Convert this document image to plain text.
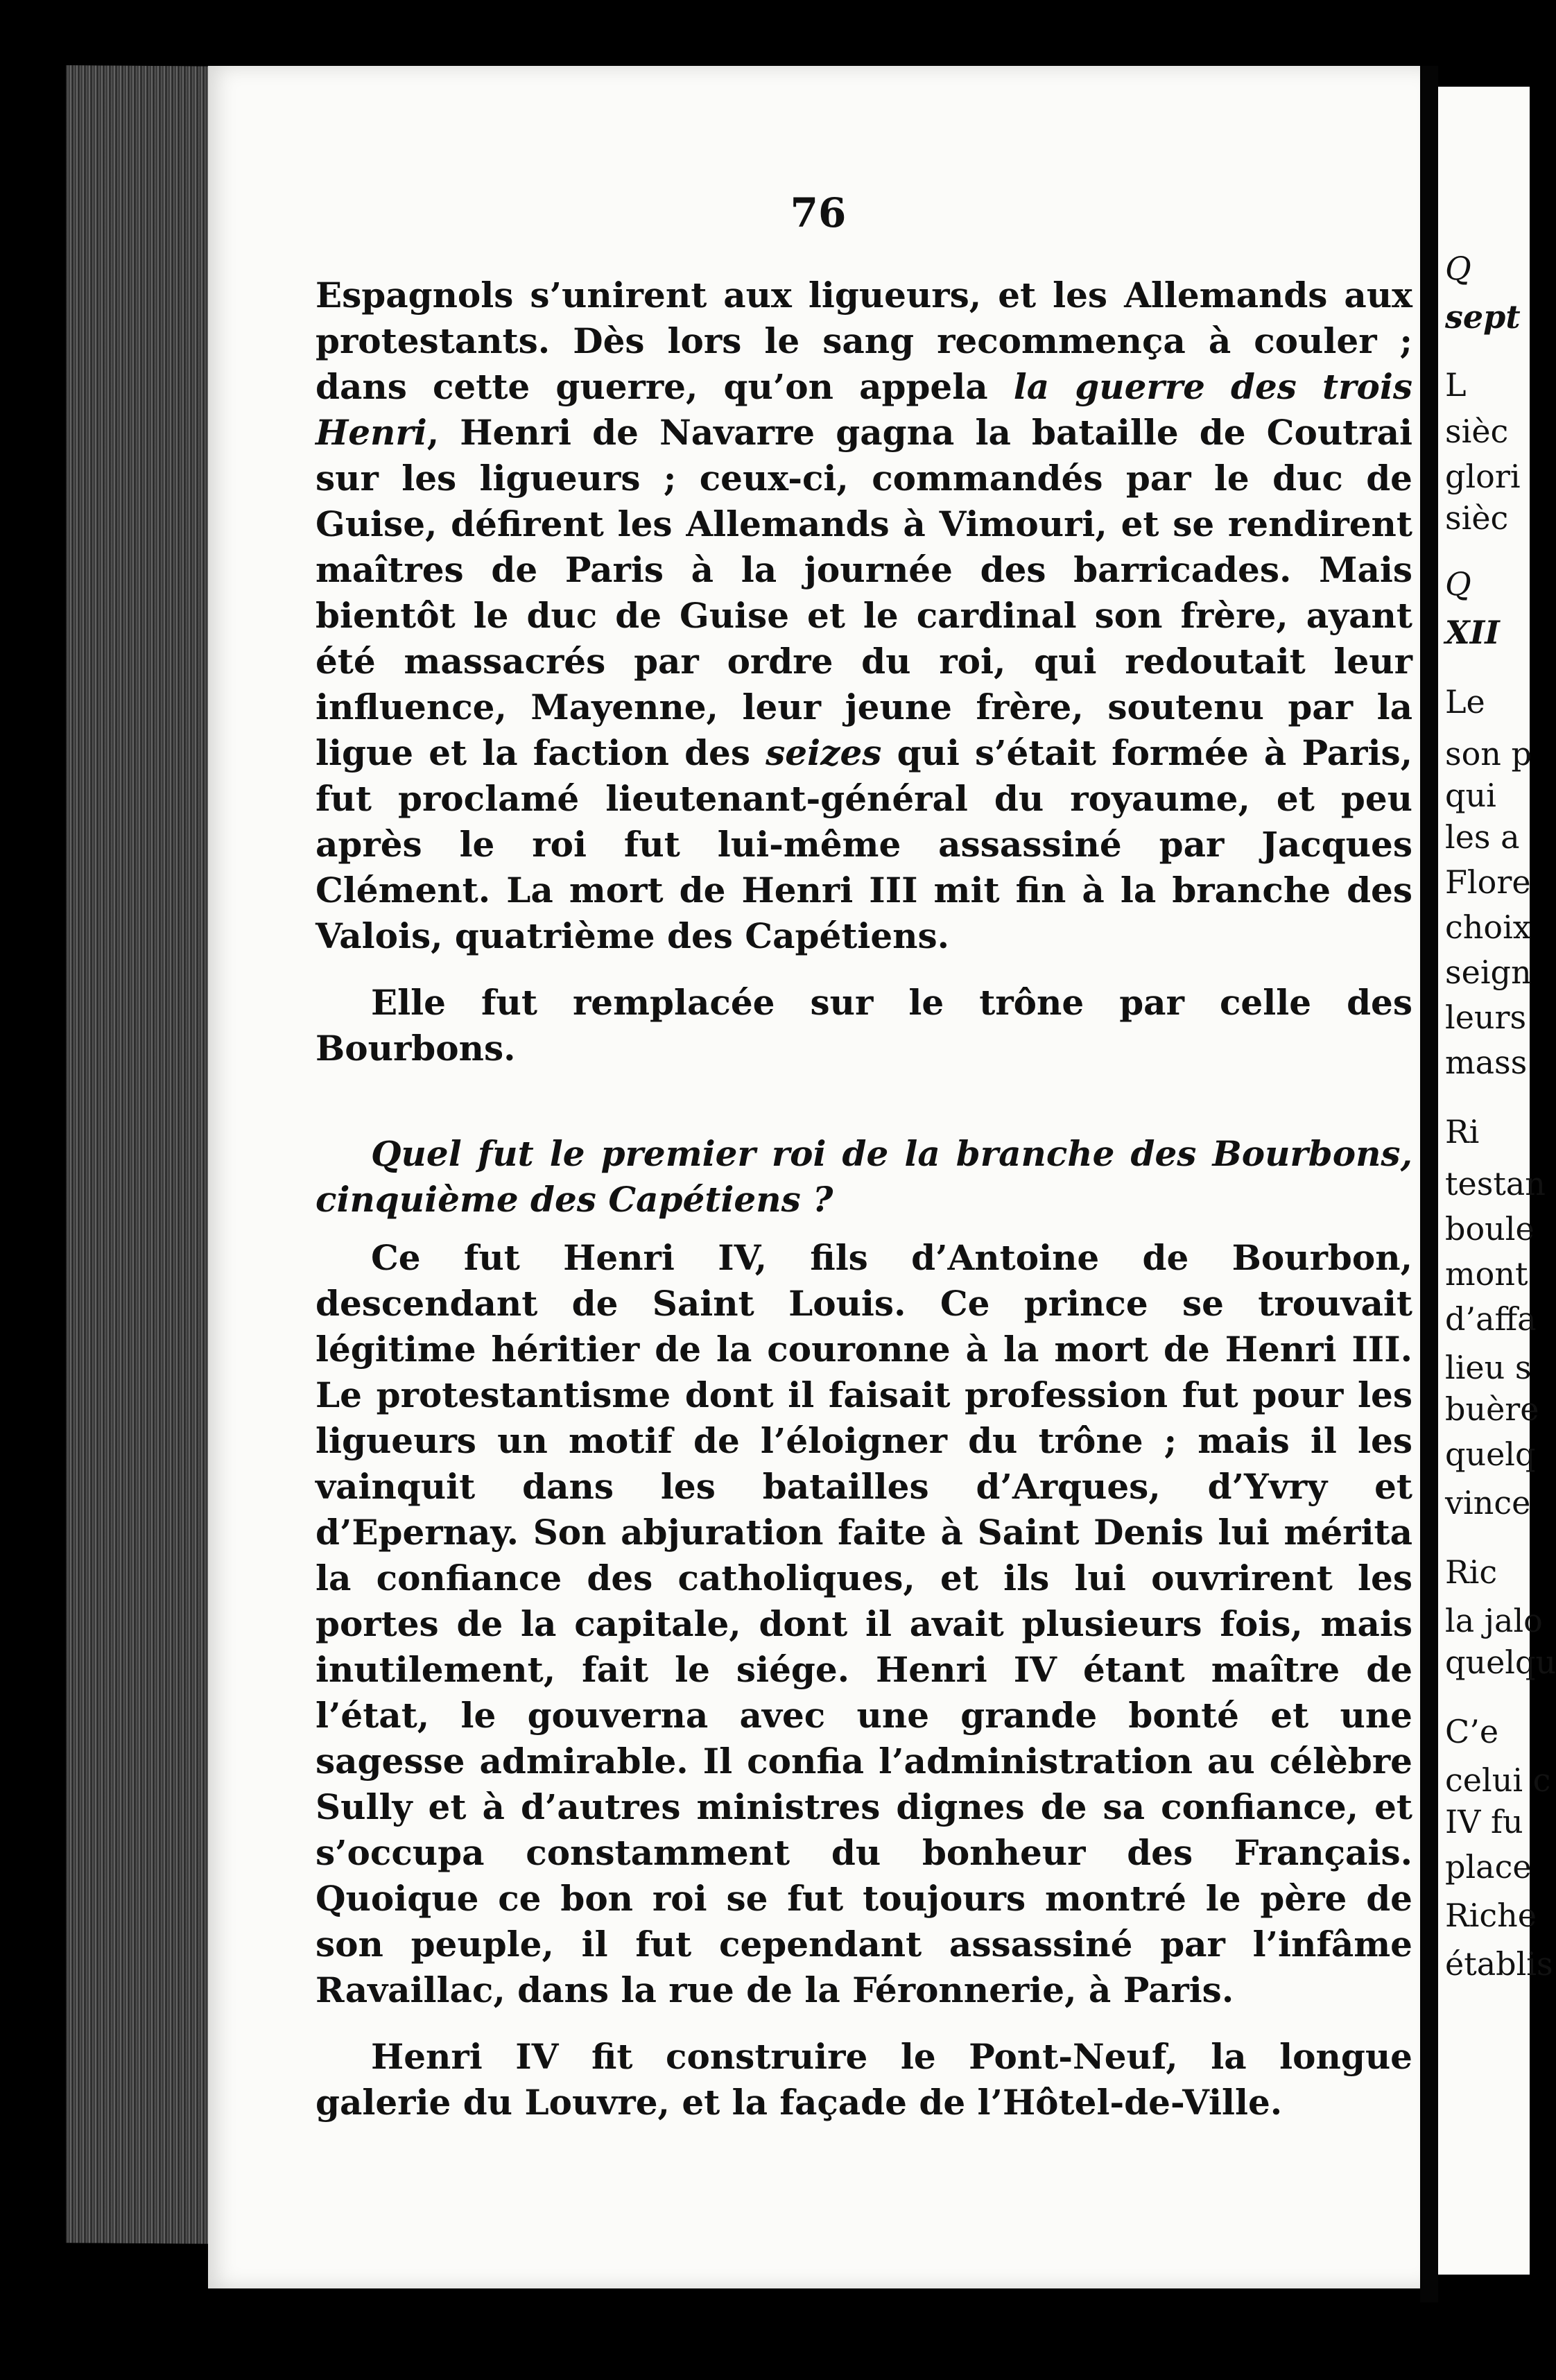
76

Espagnols s’unirent aux ligueurs, et les Allemands aux protestants. Dès lors le sang recommença à couler ; dans cette guerre, qu’on appela la guerre des trois Henri, Henri de Navarre gagna la bataille de Coutrai sur les ligueurs ; ceux-ci, commandés par le duc de Guise, défirent les Allemands à Vimouri, et se rendirent maîtres de Paris à la journée des barricades. Mais bientôt le duc de Guise et le cardinal son frère, ayant été massacrés par ordre du roi, qui redoutait leur influence, Mayenne, leur jeune frère, soutenu par la ligue et la faction des seizes qui s’était formée à Paris, fut proclamé lieutenant-général du royaume, et peu après le roi fut lui-même assassiné par Jacques Clément. La mort de Henri III mit fin à la branche des Valois, quatrième des Capétiens.

Elle fut remplacée sur le trône par celle des Bourbons.

Quel fut le premier roi de la branche des Bourbons, cinquième des Capétiens ?

Ce fut Henri IV, fils d’Antoine de Bourbon, descendant de Saint Louis. Ce prince se trouvait légitime héritier de la couronne à la mort de Henri III. Le protestantisme dont il faisait profession fut pour les ligueurs un motif de l’éloigner du trône ; mais il les vainquit dans les batailles d’Arques, d’Yvry et d’Epernay. Son abjuration faite à Saint Denis lui mérita la confiance des catholiques, et ils lui ouvrirent les portes de la capitale, dont il avait plusieurs fois, mais inutilement, fait le siége. Henri IV étant maître de l’état, le gouverna avec une grande bonté et une sagesse admirable. Il confia l’administration au célèbre Sully et à d’autres ministres dignes de sa confiance, et s’occupa constamment du bonheur des Français. Quoique ce bon roi se fut toujours montré le père de son peuple, il fut cependant assassiné par l’infâme Ravaillac, dans la rue de la Féronnerie, à Paris.

Henri IV fit construire le Pont-Neuf, la longue galerie du Louvre, et la façade de l’Hôtel-de-Ville.

Q
sept
L
sièc
glori
sièc
Q
XII
Le
son p
qui
les a
Flore
choix
seign
leurs
mass
Ri
testan
boule
mont
d’affa
lieu s
buère
quelq
vince
Ric
la jalo
quelqu
C’e
celui c
IV fu
place
Riche
établis
